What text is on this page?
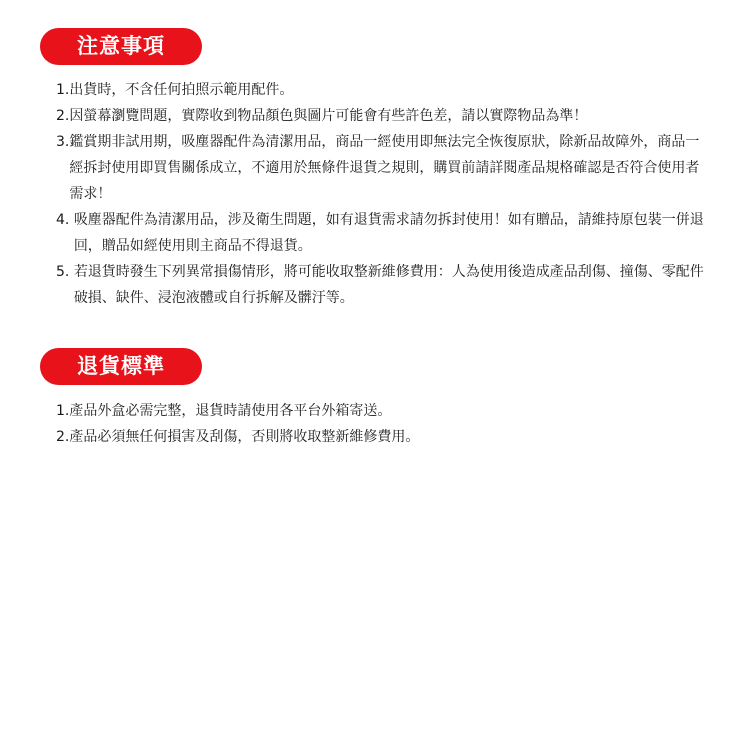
注意事項
1. 出貨時，不含任何拍照示範用配件。
2. 因螢幕瀏覽問題，實際收到物品顏色與圖片可能會有些許色差，請以實際物品為準！
3. 鑑賞期非試用期，吸塵器配件為清潔用品，商品一經使用即無法完全恢復原狀，除新品故障外，商品一經拆封使用即買售關係成立，不適用於無條件退貨之規則，購買前請詳閱產品規格確認是否符合使用者需求！
4. 吸塵器配件為清潔用品，涉及衛生問題，如有退貨需求請勿拆封使用！如有贈品，請維持原包裝一併退回，贈品如經使用則主商品不得退貨。
5. 若退貨時發生下列異常損傷情形，將可能收取整新維修費用：人為使用後造成產品刮傷、撞傷、零配件破損、缺件、浸泡液體或自行拆解及髒汙等。
退貨標準
1. 產品外盒必需完整，退貨時請使用各平台外箱寄送。
2. 產品必須無任何損害及刮傷，否則將收取整新維修費用。
